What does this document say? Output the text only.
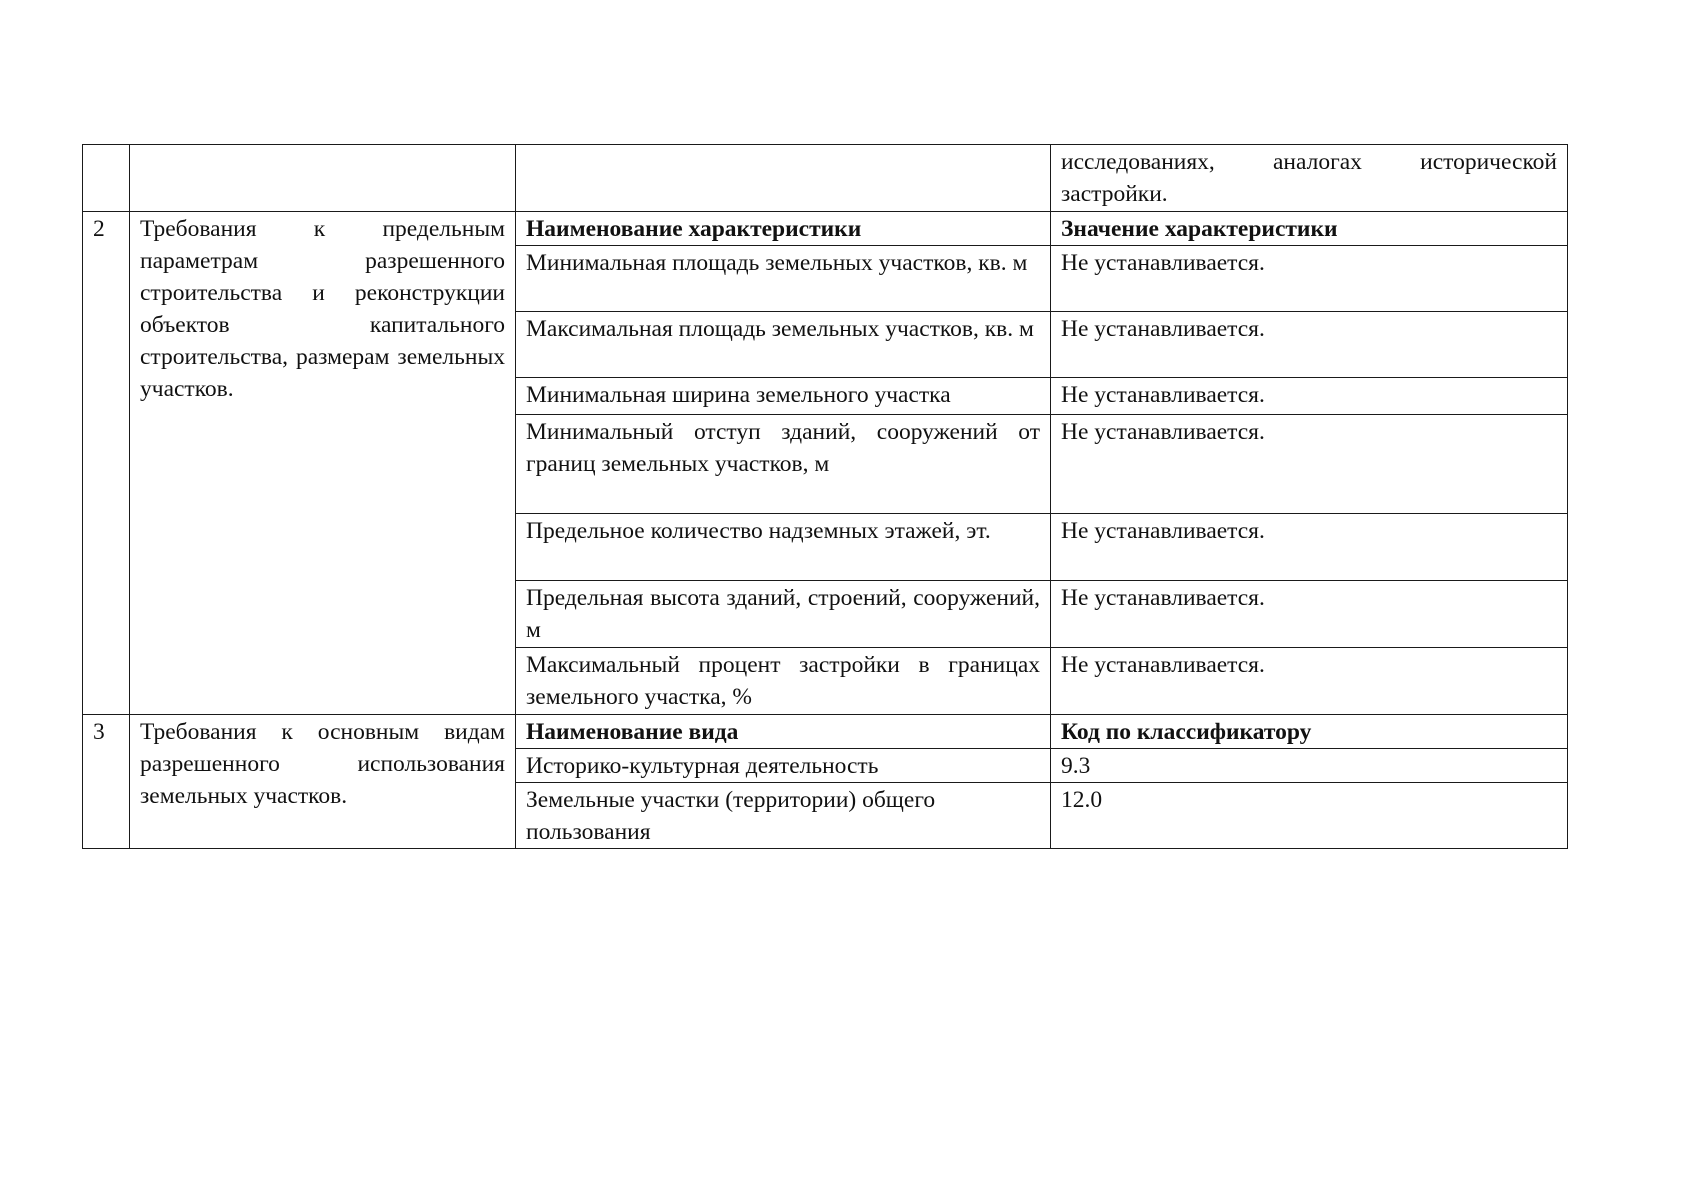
			исследованиях, аналогах исторической застройки.
2	Требования к предельным параметрам разрешенного строительства и реконструкции объектов капитального строительства, размерам земельных участков.	Наименование характеристики	Значение характеристики
		Минимальная площадь земельных участков, кв. м	Не устанавливается.
		Максимальная площадь земельных участков, кв. м	Не устанавливается.
		Минимальная ширина земельного участка	Не устанавливается.
		Минимальный отступ зданий, сооружений от границ земельных участков, м	Не устанавливается.
		Предельное количество надземных этажей, эт.	Не устанавливается.
		Предельная высота зданий, строений, сооружений, м	Не устанавливается.
		Максимальный процент застройки в границах земельного участка, %	Не устанавливается.
3	Требования к основным видам разрешенного использования земельных участков.	Наименование вида	Код по классификатору
		Историко-культурная деятельность	9.3
		Земельные участки (территории) общего пользования	12.0
